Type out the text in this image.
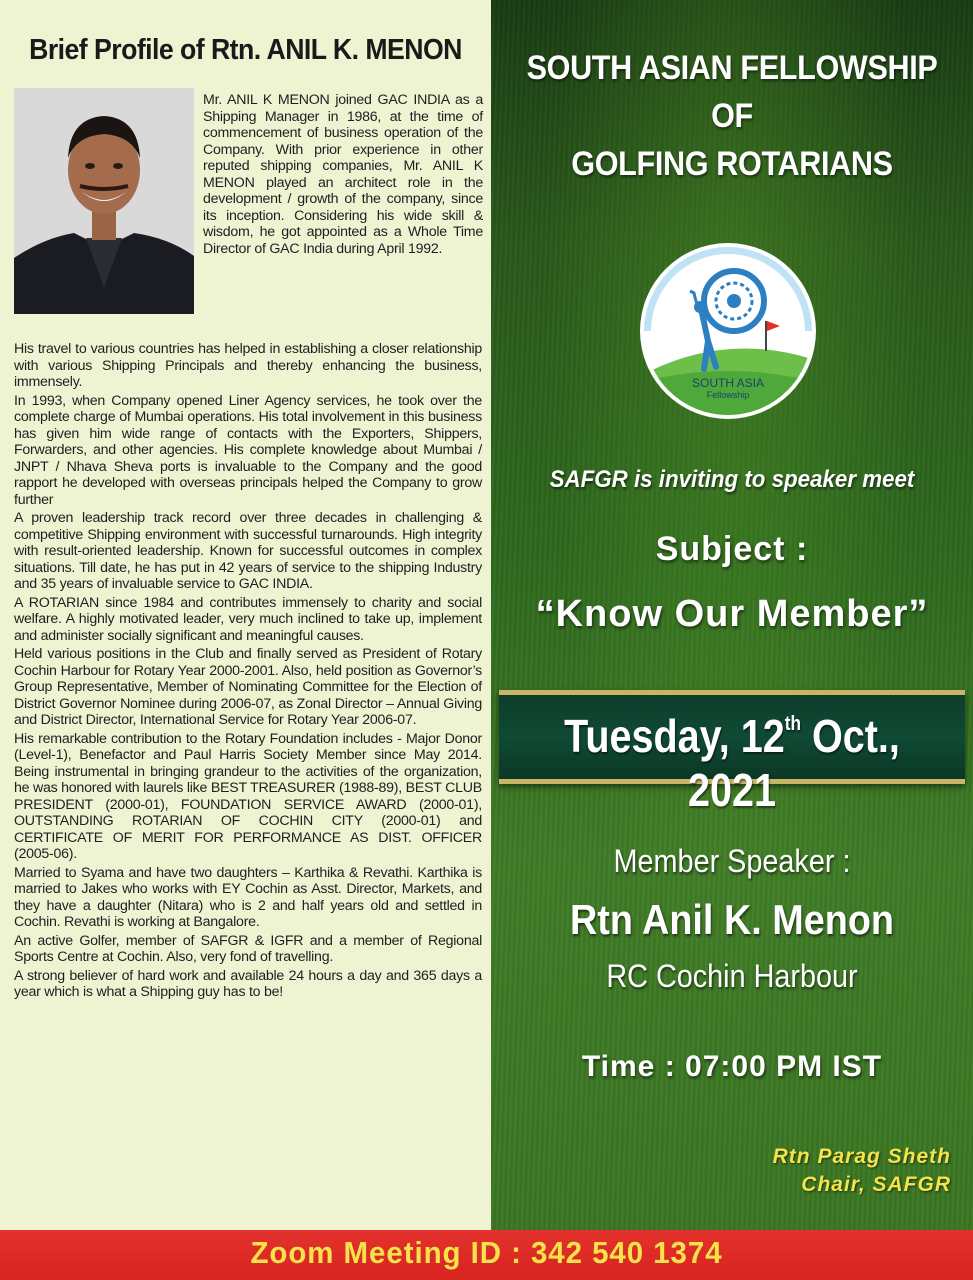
Brief Profile of Rtn. ANIL K. MENON

Mr. ANIL K MENON joined GAC INDIA as a Shipping Manager in 1986, at the time of commencement of business operation of the Company. With prior experience in other reputed shipping companies, Mr. ANIL K MENON played an architect role in the development / growth of the company, since its inception. Considering his wide skill & wisdom, he got appointed as a Whole Time Director of GAC India during April 1992.

His travel to various countries has helped in establishing a closer relationship with various Shipping Principals and thereby enhancing the business, immensely.

In 1993, when Company opened Liner Agency services, he took over the complete charge of Mumbai operations. His total involvement in this business has given him wide range of contacts with the Exporters, Shippers, Forwarders, and other agencies. His complete knowledge about Mumbai / JNPT / Nhava Sheva ports is invaluable to the Company and the good rapport he developed with overseas principals helped the Company to grow further

A proven leadership track record over three decades in challenging & competitive Shipping environment with successful turnarounds. High integrity with result-oriented leadership. Known for successful outcomes in complex situations. Till date, he has put in 42 years of service to the shipping Industry and 35 years of invaluable service to GAC INDIA.

A ROTARIAN since 1984 and contributes immensely to charity and social welfare. A highly motivated leader, very much inclined to take up, implement and administer socially significant and meaningful causes.

Held various positions in the Club and finally served as President of Rotary Cochin Harbour for Rotary Year 2000-2001. Also, held position as Governor’s Group Representative, Member of Nominating Committee for the Election of District Governor Nominee during 2006-07, as Zonal Director – Annual Giving and District Director, International Service for Rotary Year 2006-07.

His remarkable contribution to the Rotary Foundation includes - Major Donor (Level-1), Benefactor and Paul Harris Society Member since May 2014. Being instrumental in bringing grandeur to the activities of the organization, he was honored with laurels like BEST TREASURER (1988-89), BEST CLUB PRESIDENT (2000-01), FOUNDATION SERVICE AWARD (2000-01), OUTSTANDING ROTARIAN OF COCHIN CITY (2000-01) and CERTIFICATE OF MERIT FOR PERFORMANCE AS DIST. OFFICER (2005-06).

Married to Syama and have two daughters – Karthika & Revathi. Karthika is married to Jakes who works with EY Cochin as Asst. Director, Markets, and they have a daughter (Nitara) who is 2 and half years old and settled in Cochin. Revathi is working at Bangalore.

An active Golfer, member of SAFGR & IGFR and a member of Regional Sports Centre at Cochin. Also, very fond of travelling.

A strong believer of hard work and available 24 hours a day and 365 days a year which is what a Shipping guy has to be!

SOUTH ASIAN FELLOWSHIP
OF
GOLFING ROTARIANS
SOUTH ASIA
Fellowship
SAFGR is inviting to speaker meet
Subject :
“Know Our Member”
Tuesday, 12th Oct., 2021
Member Speaker :
Rtn Anil K. Menon
RC Cochin Harbour
Time : 07:00 PM IST
Rtn Parag Sheth
Chair, SAFGR
Zoom Meeting ID : 342 540 1374
